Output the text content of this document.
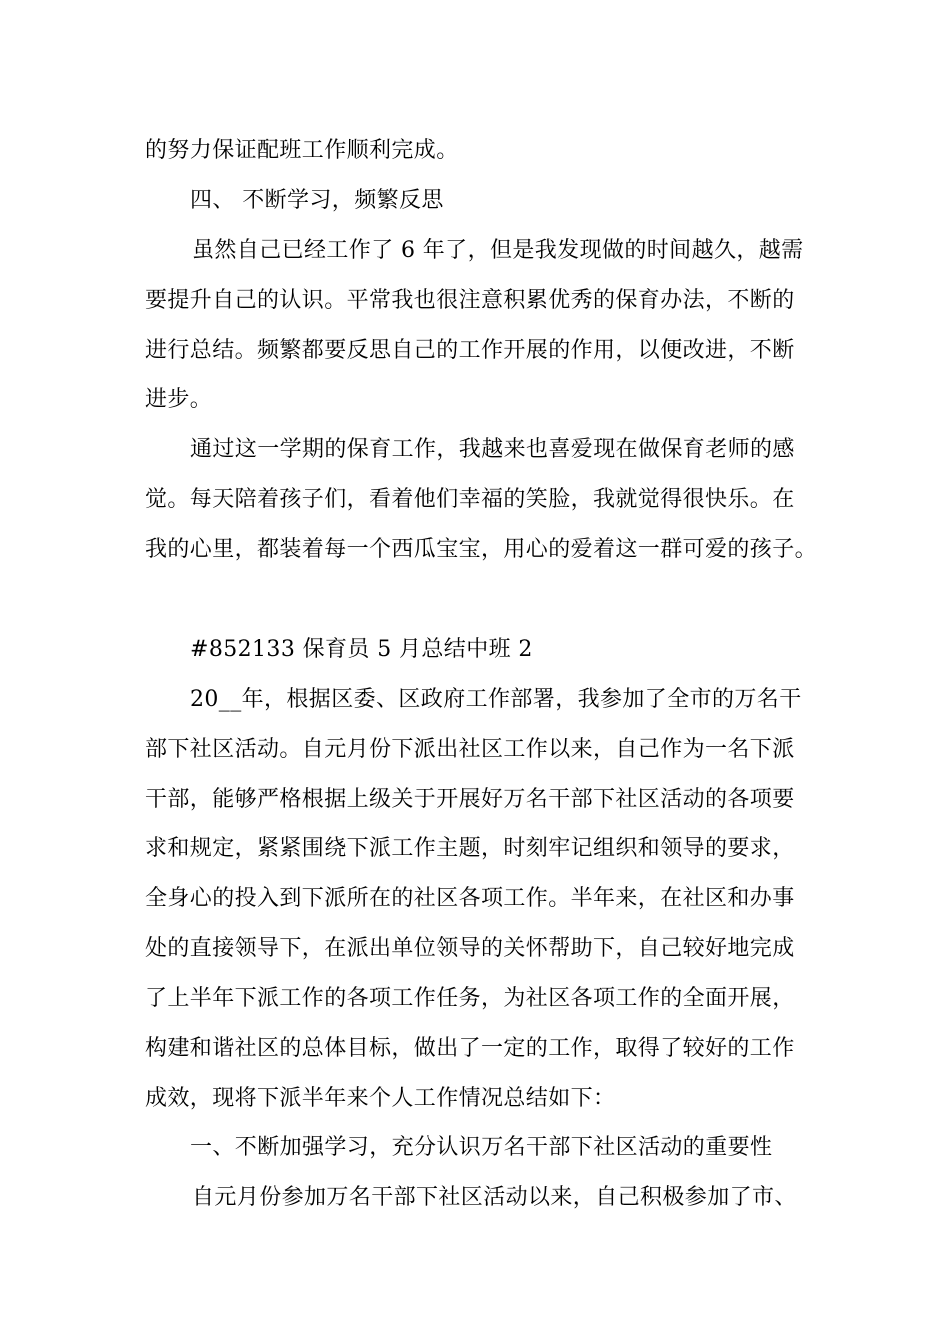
的努力保证配班工作顺利完成。
四、 不断学习，频繁反思
虽然自己已经工作了 6 年了，但是我发现做的时间越久，越需
要提升自己的认识。平常我也很注意积累优秀的保育办法，不断的
进行总结。频繁都要反思自己的工作开展的作用，以便改进，不断
进步。
通过这一学期的保育工作，我越来也喜爱现在做保育老师的感
觉。每天陪着孩子们，看着他们幸福的笑脸，我就觉得很快乐。在
我的心里，都装着每一个西瓜宝宝，用心的爱着这一群可爱的孩子。
#852133 保育员 5 月总结中班 2
20__年，根据区委、区政府工作部署，我参加了全市的万名干
部下社区活动。自元月份下派出社区工作以来，自己作为一名下派
干部，能够严格根据上级关于开展好万名干部下社区活动的各项要
求和规定，紧紧围绕下派工作主题，时刻牢记组织和领导的要求，
全身心的投入到下派所在的社区各项工作。半年来，在社区和办事
处的直接领导下，在派出单位领导的关怀帮助下，自己较好地完成
了上半年下派工作的各项工作任务，为社区各项工作的全面开展，
构建和谐社区的总体目标，做出了一定的工作，取得了较好的工作
成效，现将下派半年来个人工作情况总结如下：
一、不断加强学习，充分认识万名干部下社区活动的重要性
自元月份参加万名干部下社区活动以来，自己积极参加了市、
